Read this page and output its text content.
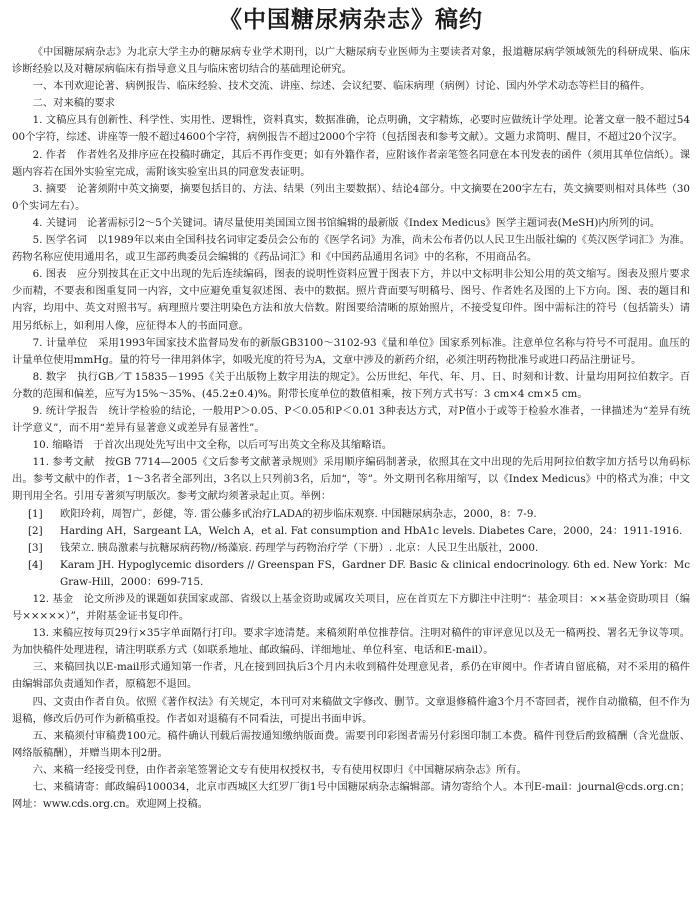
《中国糖尿病杂志》稿约

《中国糖尿病杂志》为北京大学主办的糖尿病专业学术期刊，以广大糖尿病专业医师为主要读者对象，报道糖尿病学领域领先的科研成果、临床诊断经验以及对糖尿病临床有指导意义且与临床密切结合的基础理论研究。

一、本刊欢迎论著、病例报告、临床经验、技术交流、讲座、综述、会议纪要、临床病理（病例）讨论、国内外学术动态等栏目的稿件。

二、对来稿的要求

1. 文稿应具有创新性、科学性、实用性、逻辑性，资料真实，数据准确，论点明确，文字精炼，必要时应做统计学处理。论著文章一般不超过5400个字符，综述、讲座等一般不超过4600个字符，病例报告不超过2000个字符（包括图表和参考文献）。文题力求简明、醒目，不超过20个汉字。

2. 作者　作者姓名及排序应在投稿时确定，其后不再作变更；如有外籍作者，应附该作者亲笔签名同意在本刊发表的函件（须用其单位信纸）。课题内容若在国外实验室完成，需附该实验室出具的同意发表证明。

3. 摘要　论著须附中英文摘要，摘要包括目的、方法、结果（列出主要数据）、结论4部分。中文摘要在200字左右，英文摘要则相对具体些（300个实词左右）。

4. 关键词　论著需标引2～5个关键词。请尽量使用美国国立图书馆编辑的最新版《Index Medicus》医学主题词表(MeSH)内所列的词。

5. 医学名词　以1989年以来由全国科技名词审定委员会公布的《医学名词》为准，尚未公布者仍以人民卫生出版社编的《英汉医学词汇》为准。药物名称应使用通用名，或卫生部药典委员会编辑的《药品词汇》和《中国药品通用名词》中的名称，不用商品名。

6. 图表　应分别按其在正文中出现的先后连续编码，图表的说明性资料应置于图表下方，并以中文标明非公知公用的英文缩写。图表及照片要求少而精，不要表和图重复同一内容，文中应避免重复叙述图、表中的数据。照片背面要写明稿号、图号、作者姓名及图的上下方向。图、表的题目和内容，均用中、英文对照书写。病理照片要注明染色方法和放大倍数。附图要给清晰的原始照片，不接受复印件。图中需标注的符号（包括箭头）请用另纸标上，如利用人像，应征得本人的书面同意。

7. 计量单位　采用1993年国家技术监督局发布的新版GB3100～3102-93《量和单位》国家系列标准。注意单位名称与符号不可混用。血压的计量单位使用mmHg。量的符号一律用斜体字，如吸光度的符号为A，文章中涉及的新药介绍，必须注明药物批准号或进口药品注册证号。

8. 数字　执行GB／T 15835－1995《关于出版物上数字用法的规定》。公历世纪、年代、年、月、日、时刻和计数、计量均用阿拉伯数字。百分数的范围和偏差，应写为15%～35%、(45.2±0.4)%。附带长度单位的数值相乘，按下列方式书写：3 cm×4 cm×5 cm。

9. 统计学报告　统计学检验的结论，一般用P＞0.05、P＜0.05和P＜0.01 3种表达方式，对P值小于或等于检验水准者，一律描述为“差异有统计学意义”，而不用“差异有显著意义或差异有显著性”。

10. 缩略语　于首次出现处先写出中文全称，以后可写出英文全称及其缩略语。

11. 参考文献　按GB 7714—2005《文后参考文献著录规则》采用顺序编码制著录，依照其在文中出现的先后用阿拉伯数字加方括号以角码标出。参考文献中的作者，1～3名者全部列出，3名以上只列前3名，后加“，等”。外文期刊名称用缩写，以《Index Medicus》中的格式为准；中文期刊用全名。引用专著须写明版次。参考文献均须著录起止页。举例：

[1]	欧阳玲莉，周智广，彭健，等. 雷公藤多甙治疗LADA的初步临床观察. 中国糖尿病杂志，2000，8：7-9.
[2]	Harding AH，Sargeant LA，Welch A，et al. Fat consumption and HbA1c levels. Diabetes Care，2000，24：1911-1916.
[3]	钱荣立. 胰岛激素与抗糖尿病药物//杨藻宸. 药理学与药物治疗学（下册）. 北京：人民卫生出版社，2000.
[4]	Karam JH. Hypoglycemic disorders // Greenspan FS，Gardner DF. Basic & clinical endocrinology. 6th ed. New York：McGraw-Hill，2000：699-715.

12. 基金　论文所涉及的课题如获国家或部、省级以上基金资助或属攻关项目，应在首页左下方脚注中注明“：基金项目：××基金资助项目（编号×××××）”，并附基金证书复印件。

13. 来稿应按每页29行×35字单面隔行打印。要求字迹清楚。来稿须附单位推荐信。注明对稿件的审评意见以及无一稿两投、署名无争议等项。为加快稿件处理进程，请注明联系方式（如联系地址、邮政编码、详细地址、单位科室、电话和E-mail）。

三、来稿回执以E-mail形式通知第一作者，凡在接到回执后3个月内未收到稿件处理意见者，系仍在审阅中。作者请自留底稿，对不采用的稿件由编辑部负责通知作者，原稿恕不退回。

四、文责由作者自负。依照《著作权法》有关规定，本刊可对来稿做文字修改、删节。文章退修稿件逾3个月不寄回者，视作自动撤稿，但不作为退稿，修改后仍可作为新稿重投。作者如对退稿有不同看法，可提出书面申诉。

五、来稿须付审稿费100元。稿件确认刊载后需按通知缴纳版面费。需要刊印彩图者需另付彩图印制工本费。稿件刊登后酌致稿酬（含光盘版、网络版稿酬），并赠当期本刊2册。

六、来稿一经接受刊登，由作者亲笔签署论文专有使用权授权书，专有使用权即归《中国糖尿病杂志》所有。

七、来稿请寄：邮政编码100034，北京市西城区大红罗厂街1号中国糖尿病杂志编辑部。请勿寄给个人。本刊E-mail：journal@cds.org.cn；网址：www.cds.org.cn。欢迎网上投稿。
